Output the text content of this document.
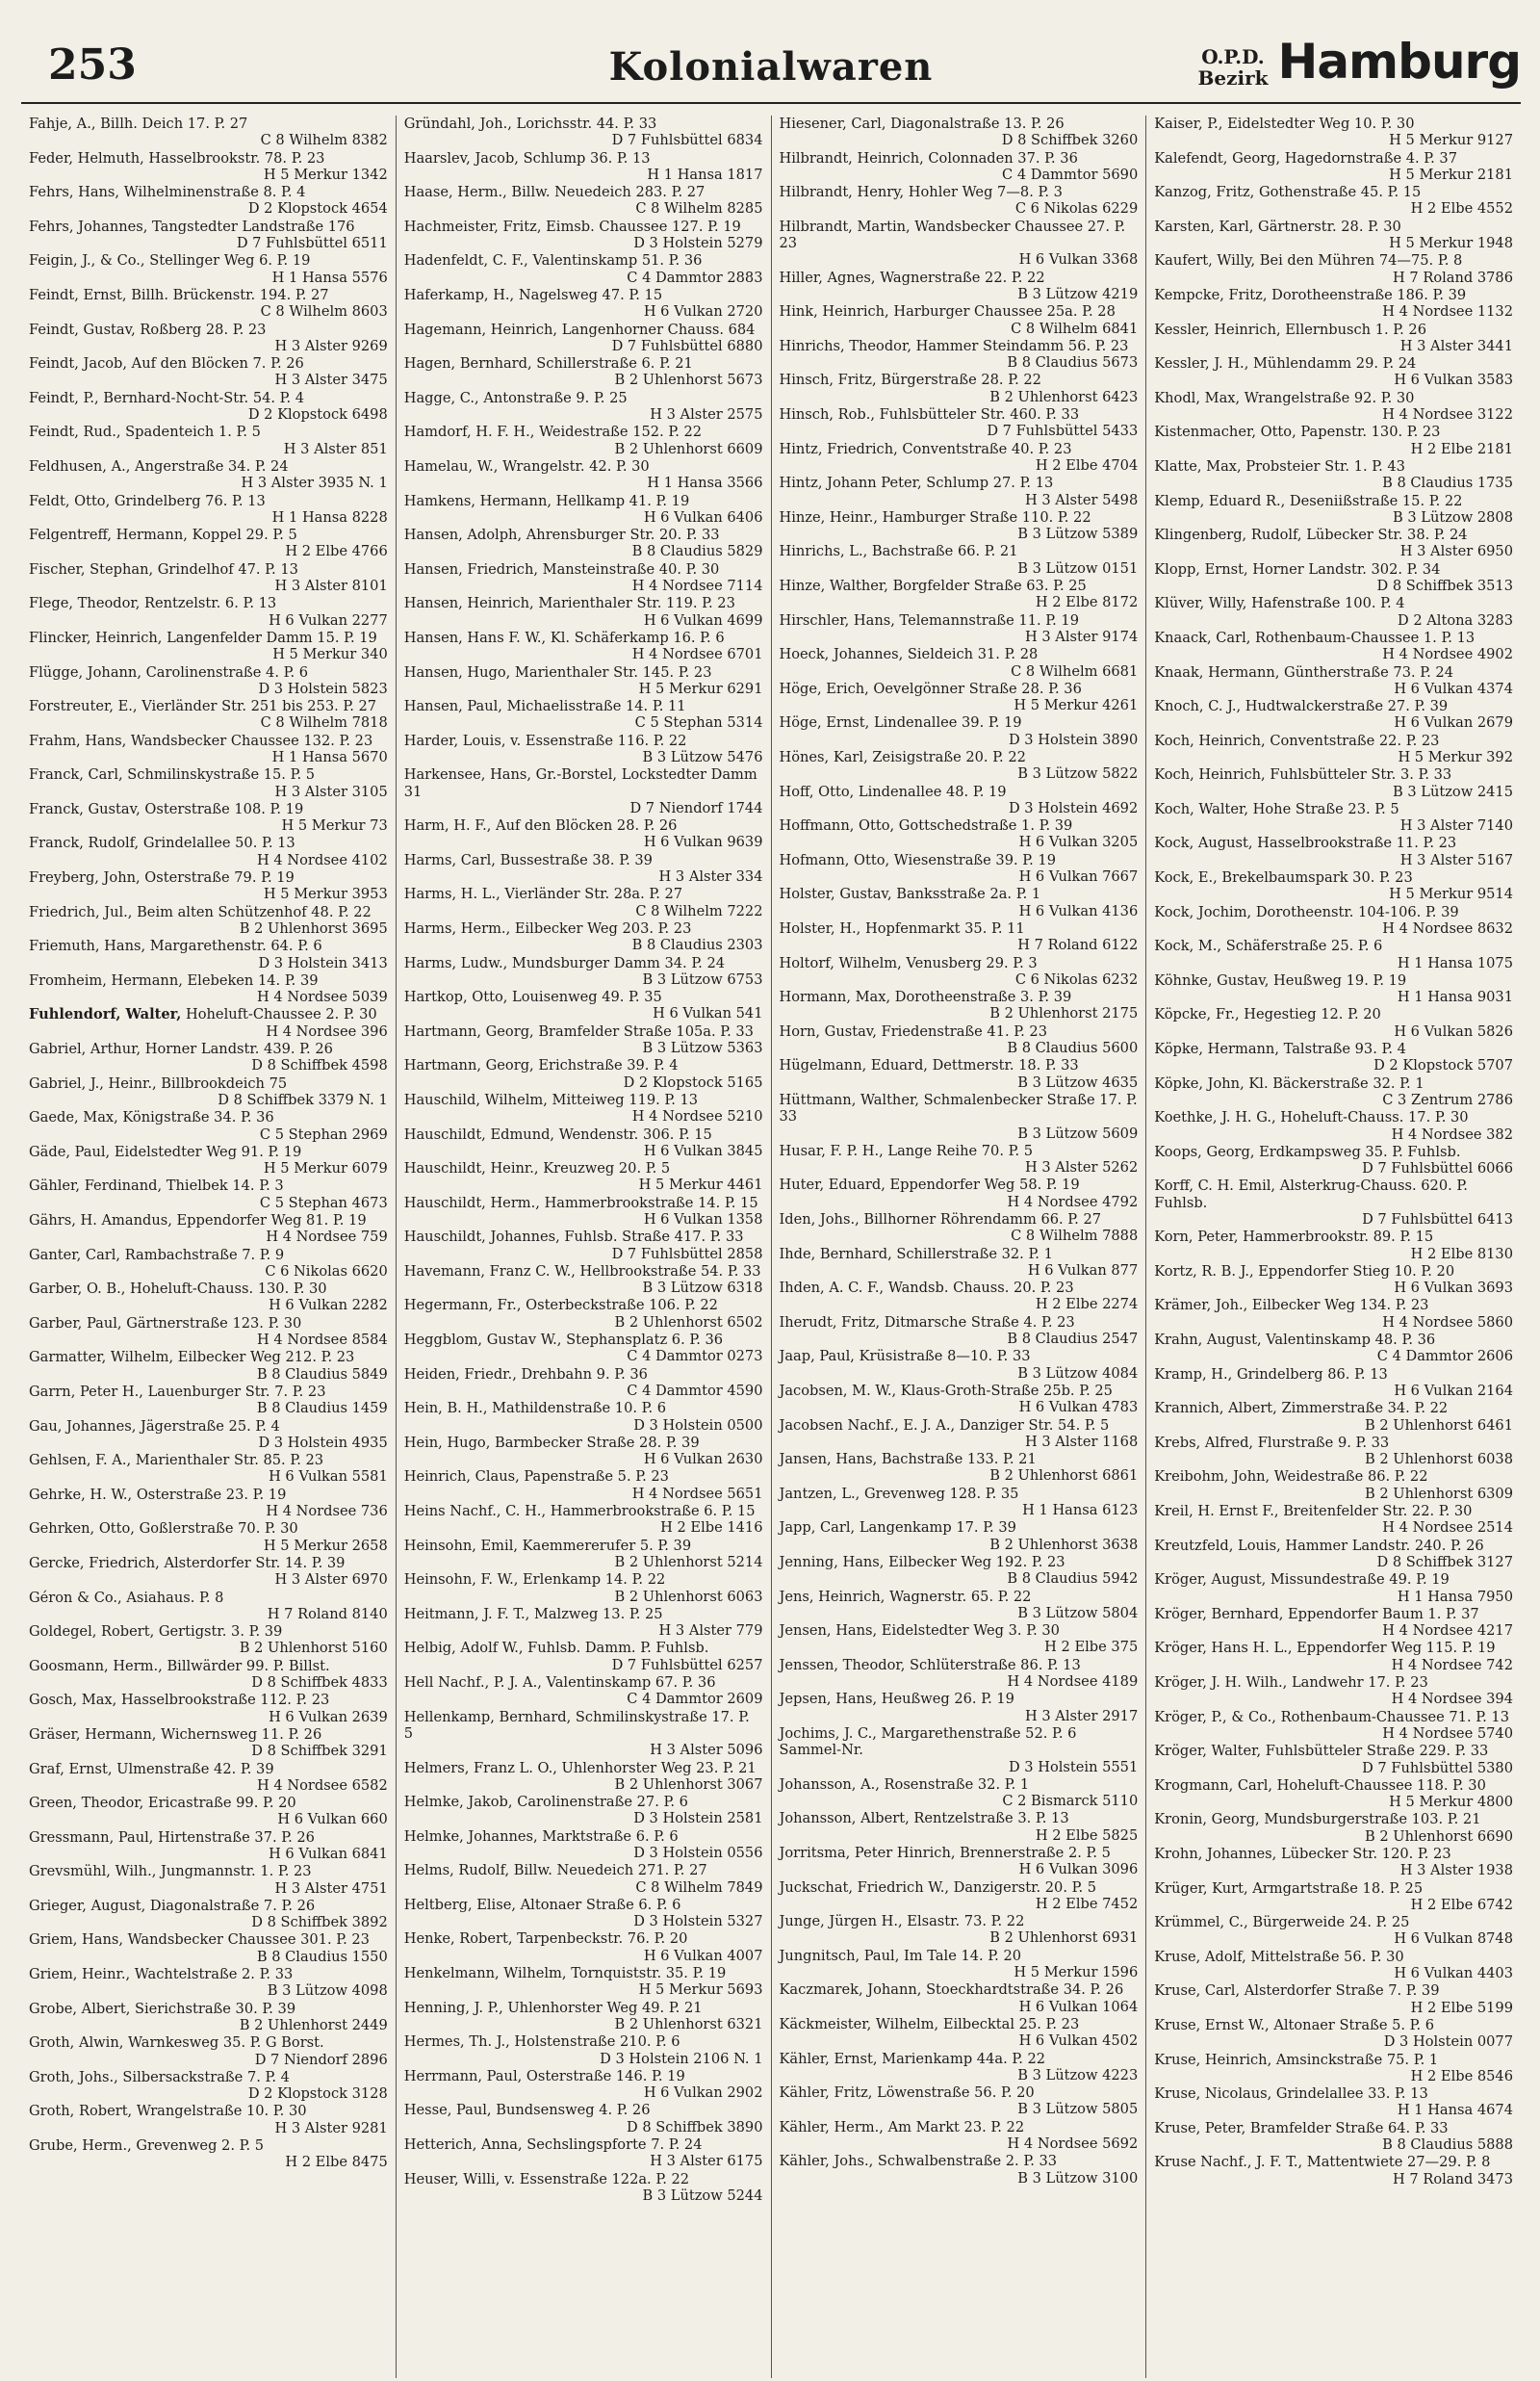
253	Kolonialwaren	O.P.D.
Bezirk Hamburg
Fahje, A., Billh. Deich 17. P. 27
C 8 Wilhelm 8382
Feder, Helmuth, Hasselbrookstr. 78. P. 23
H 5 Merkur 1342
Fehrs, Hans, Wilhelminenstraße 8. P. 4
D 2 Klopstock 4654
Fehrs, Johannes, Tangstedter Landstraße 176
D 7 Fuhlsbüttel 6511
Feigin, J., & Co., Stellinger Weg 6. P. 19
H 1 Hansa 5576
Feindt, Ernst, Billh. Brückenstr. 194. P. 27
C 8 Wilhelm 8603
Feindt, Gustav, Roßberg 28. P. 23
H 3 Alster 9269
Feindt, Jacob, Auf den Blöcken 7. P. 26
H 3 Alster 3475
Feindt, P., Bernhard-Nocht-Str. 54. P. 4
D 2 Klopstock 6498
Feindt, Rud., Spadenteich 1. P. 5
H 3 Alster 851
Feldhusen, A., Angerstraße 34. P. 24
H 3 Alster 3935 N. 1
Feldt, Otto, Grindelberg 76. P. 13
H 1 Hansa 8228
Felgentreff, Hermann, Koppel 29. P. 5
H 2 Elbe 4766
Fischer, Stephan, Grindelhof 47. P. 13
H 3 Alster 8101
Flege, Theodor, Rentzelstr. 6. P. 13
H 6 Vulkan 2277
Flincker, Heinrich, Langenfelder Damm 15. P. 19
H 5 Merkur 340
Flügge, Johann, Carolinenstraße 4. P. 6
D 3 Holstein 5823
Forstreuter, E., Vierländer Str. 251 bis 253. P. 27
C 8 Wilhelm 7818
Frahm, Hans, Wandsbecker Chaussee 132. P. 23
H 1 Hansa 5670
Franck, Carl, Schmilinskystraße 15. P. 5
H 3 Alster 3105
Franck, Gustav, Osterstraße 108. P. 19
H 5 Merkur 73
Franck, Rudolf, Grindelallee 50. P. 13
H 4 Nordsee 4102
Freyberg, John, Osterstraße 79. P. 19
H 5 Merkur 3953
Friedrich, Jul., Beim alten Schützenhof 48. P. 22
B 2 Uhlenhorst 3695
Friemuth, Hans, Margarethenstr. 64. P. 6
D 3 Holstein 3413
Fromheim, Hermann, Elebeken 14. P. 39
H 4 Nordsee 5039
Fuhlendorf, Walter, Hoheluft-Chaussee 2. P. 30
H 4 Nordsee 396
Gabriel, Arthur, Horner Landstr. 439. P. 26
D 8 Schiffbek 4598
Gabriel, J., Heinr., Billbrookdeich 75
D 8 Schiffbek 3379 N. 1
Gaede, Max, Königstraße 34. P. 36
C 5 Stephan 2969
Gäde, Paul, Eidelstedter Weg 91. P. 19
H 5 Merkur 6079
Gähler, Ferdinand, Thielbek 14. P. 3
C 5 Stephan 4673
Gährs, H. Amandus, Eppendorfer Weg 81. P. 19
H 4 Nordsee 759
Ganter, Carl, Rambachstraße 7. P. 9
C 6 Nikolas 6620
Garber, O. B., Hoheluft-Chauss. 130. P. 30
H 6 Vulkan 2282
Garber, Paul, Gärtnerstraße 123. P. 30
H 4 Nordsee 8584
Garmatter, Wilhelm, Eilbecker Weg 212. P. 23
B 8 Claudius 5849
Garrn, Peter H., Lauenburger Str. 7. P. 23
B 8 Claudius 1459
Gau, Johannes, Jägerstraße 25. P. 4
D 3 Holstein 4935
Gehlsen, F. A., Marienthaler Str. 85. P. 23
H 6 Vulkan 5581
Gehrke, H. W., Osterstraße 23. P. 19
H 4 Nordsee 736
Gehrken, Otto, Goßlerstraße 70. P. 30
H 5 Merkur 2658
Gercke, Friedrich, Alsterdorfer Str. 14. P. 39
H 3 Alster 6970
Géron & Co., Asiahaus. P. 8
H 7 Roland 8140
Goldegel, Robert, Gertigstr. 3. P. 39
B 2 Uhlenhorst 5160
Goosmann, Herm., Billwärder 99. P. Billst.
D 8 Schiffbek 4833
Gosch, Max, Hasselbrookstraße 112. P. 23
H 6 Vulkan 2639
Gräser, Hermann, Wichernsweg 11. P. 26
D 8 Schiffbek 3291
Graf, Ernst, Ulmenstraße 42. P. 39
H 4 Nordsee 6582
Green, Theodor, Ericastraße 99. P. 20
H 6 Vulkan 660
Gressmann, Paul, Hirtenstraße 37. P. 26
H 6 Vulkan 6841
Grevsmühl, Wilh., Jungmannstr. 1. P. 23
H 3 Alster 4751
Grieger, August, Diagonalstraße 7. P. 26
D 8 Schiffbek 3892
Griem, Hans, Wandsbecker Chaussee 301. P. 23
B 8 Claudius 1550
Griem, Heinr., Wachtelstraße 2. P. 33
B 3 Lützow 4098
Grobe, Albert, Sierichstraße 30. P. 39
B 2 Uhlenhorst 2449
Groth, Alwin, Warnkesweg 35. P. G Borst.
D 7 Niendorf 2896
Groth, Johs., Silbersackstraße 7. P. 4
D 2 Klopstock 3128
Groth, Robert, Wrangelstraße 10. P. 30
H 3 Alster 9281
Grube, Herm., Grevenweg 2. P. 5
H 2 Elbe 8475
Gründahl, Joh., Lorichsstr. 44. P. 33
D 7 Fuhlsbüttel 6834
Haarslev, Jacob, Schlump 36. P. 13
H 1 Hansa 1817
Haase, Herm., Billw. Neuedeich 283. P. 27
C 8 Wilhelm 8285
Hachmeister, Fritz, Eimsb. Chaussee 127. P. 19
D 3 Holstein 5279
Hadenfeldt, C. F., Valentinskamp 51. P. 36
C 4 Dammtor 2883
Haferkamp, H., Nagelsweg 47. P. 15
H 6 Vulkan 2720
Hagemann, Heinrich, Langenhorner Chauss. 684
D 7 Fuhlsbüttel 6880
Hagen, Bernhard, Schillerstraße 6. P. 21
B 2 Uhlenhorst 5673
Hagge, C., Antonstraße 9. P. 25
H 3 Alster 2575
Hamdorf, H. F. H., Weidestraße 152. P. 22
B 2 Uhlenhorst 6609
Hamelau, W., Wrangelstr. 42. P. 30
H 1 Hansa 3566
Hamkens, Hermann, Hellkamp 41. P. 19
H 6 Vulkan 6406
Hansen, Adolph, Ahrensburger Str. 20. P. 33
B 8 Claudius 5829
Hansen, Friedrich, Mansteinstraße 40. P. 30
H 4 Nordsee 7114
Hansen, Heinrich, Marienthaler Str. 119. P. 23
H 6 Vulkan 4699
Hansen, Hans F. W., Kl. Schäferkamp 16. P. 6
H 4 Nordsee 6701
Hansen, Hugo, Marienthaler Str. 145. P. 23
H 5 Merkur 6291
Hansen, Paul, Michaelisstraße 14. P. 11
C 5 Stephan 5314
Harder, Louis, v. Essenstraße 116. P. 22
B 3 Lützow 5476
Harkensee, Hans, Gr.-Borstel, Lockstedter Damm 31
D 7 Niendorf 1744
Harm, H. F., Auf den Blöcken 28. P. 26
H 6 Vulkan 9639
Harms, Carl, Bussestraße 38. P. 39
H 3 Alster 334
Harms, H. L., Vierländer Str. 28a. P. 27
C 8 Wilhelm 7222
Harms, Herm., Eilbecker Weg 203. P. 23
B 8 Claudius 2303
Harms, Ludw., Mundsburger Damm 34. P. 24
B 3 Lützow 6753
Hartkop, Otto, Louisenweg 49. P. 35
H 6 Vulkan 541
Hartmann, Georg, Bramfelder Straße 105a. P. 33
B 3 Lützow 5363
Hartmann, Georg, Erichstraße 39. P. 4
D 2 Klopstock 5165
Hauschild, Wilhelm, Mitteiweg 119. P. 13
H 4 Nordsee 5210
Hauschildt, Edmund, Wendenstr. 306. P. 15
H 6 Vulkan 3845
Hauschildt, Heinr., Kreuzweg 20. P. 5
H 5 Merkur 4461
Hauschildt, Herm., Hammerbrookstraße 14. P. 15
H 6 Vulkan 1358
Hauschildt, Johannes, Fuhlsb. Straße 417. P. 33
D 7 Fuhlsbüttel 2858
Havemann, Franz C. W., Hellbrookstraße 54. P. 33
B 3 Lützow 6318
Hegermann, Fr., Osterbeckstraße 106. P. 22
B 2 Uhlenhorst 6502
Heggblom, Gustav W., Stephansplatz 6. P. 36
C 4 Dammtor 0273
Heiden, Friedr., Drehbahn 9. P. 36
C 4 Dammtor 4590
Hein, B. H., Mathildenstraße 10. P. 6
D 3 Holstein 0500
Hein, Hugo, Barmbecker Straße 28. P. 39
H 6 Vulkan 2630
Heinrich, Claus, Papenstraße 5. P. 23
H 4 Nordsee 5651
Heins Nachf., C. H., Hammerbrookstraße 6. P. 15
H 2 Elbe 1416
Heinsohn, Emil, Kaemmererufer 5. P. 39
B 2 Uhlenhorst 5214
Heinsohn, F. W., Erlenkamp 14. P. 22
B 2 Uhlenhorst 6063
Heitmann, J. F. T., Malzweg 13. P. 25
H 3 Alster 779
Helbig, Adolf W., Fuhlsb. Damm. P. Fuhlsb.
D 7 Fuhlsbüttel 6257
Hell Nachf., P. J. A., Valentinskamp 67. P. 36
C 4 Dammtor 2609
Hellenkamp, Bernhard, Schmilinskystraße 17. P. 5
H 3 Alster 5096
Helmers, Franz L. O., Uhlenhorster Weg 23. P. 21
B 2 Uhlenhorst 3067
Helmke, Jakob, Carolinenstraße 27. P. 6
D 3 Holstein 2581
Helmke, Johannes, Marktstraße 6. P. 6
D 3 Holstein 0556
Helms, Rudolf, Billw. Neuedeich 271. P. 27
C 8 Wilhelm 7849
Heltberg, Elise, Altonaer Straße 6. P. 6
D 3 Holstein 5327
Henke, Robert, Tarpenbeckstr. 76. P. 20
H 6 Vulkan 4007
Henkelmann, Wilhelm, Tornquiststr. 35. P. 19
H 5 Merkur 5693
Henning, J. P., Uhlenhorster Weg 49. P. 21
B 2 Uhlenhorst 6321
Hermes, Th. J., Holstenstraße 210. P. 6
D 3 Holstein 2106 N. 1
Herrmann, Paul, Osterstraße 146. P. 19
H 6 Vulkan 2902
Hesse, Paul, Bundsensweg 4. P. 26
D 8 Schiffbek 3890
Hetterich, Anna, Sechslingspforte 7. P. 24
H 3 Alster 6175
Heuser, Willi, v. Essenstraße 122a. P. 22
B 3 Lützow 5244
Hiesener, Carl, Diagonalstraße 13. P. 26
D 8 Schiffbek 3260
Hilbrandt, Heinrich, Colonnaden 37. P. 36
C 4 Dammtor 5690
Hilbrandt, Henry, Hohler Weg 7—8. P. 3
C 6 Nikolas 6229
Hilbrandt, Martin, Wandsbecker Chaussee 27. P. 23
H 6 Vulkan 3368
Hiller, Agnes, Wagnerstraße 22. P. 22
B 3 Lützow 4219
Hink, Heinrich, Harburger Chaussee 25a. P. 28
C 8 Wilhelm 6841
Hinrichs, Theodor, Hammer Steindamm 56. P. 23
B 8 Claudius 5673
Hinsch, Fritz, Bürgerstraße 28. P. 22
B 2 Uhlenhorst 6423
Hinsch, Rob., Fuhlsbütteler Str. 460. P. 33
D 7 Fuhlsbüttel 5433
Hintz, Friedrich, Conventstraße 40. P. 23
H 2 Elbe 4704
Hintz, Johann Peter, Schlump 27. P. 13
H 3 Alster 5498
Hinze, Heinr., Hamburger Straße 110. P. 22
B 3 Lützow 5389
Hinrichs, L., Bachstraße 66. P. 21
B 3 Lützow 0151
Hinze, Walther, Borgfelder Straße 63. P. 25
H 2 Elbe 8172
Hirschler, Hans, Telemannstraße 11. P. 19
H 3 Alster 9174
Hoeck, Johannes, Sieldeich 31. P. 28
C 8 Wilhelm 6681
Höge, Erich, Oevelgönner Straße 28. P. 36
H 5 Merkur 4261
Höge, Ernst, Lindenallee 39. P. 19
D 3 Holstein 3890
Hönes, Karl, Zeisigstraße 20. P. 22
B 3 Lützow 5822
Hoff, Otto, Lindenallee 48. P. 19
D 3 Holstein 4692
Hoffmann, Otto, Gottschedstraße 1. P. 39
H 6 Vulkan 3205
Hofmann, Otto, Wiesenstraße 39. P. 19
H 6 Vulkan 7667
Holster, Gustav, Banksstraße 2a. P. 1
H 6 Vulkan 4136
Holster, H., Hopfenmarkt 35. P. 11
H 7 Roland 6122
Holtorf, Wilhelm, Venusberg 29. P. 3
C 6 Nikolas 6232
Hormann, Max, Dorotheenstraße 3. P. 39
B 2 Uhlenhorst 2175
Horn, Gustav, Friedenstraße 41. P. 23
B 8 Claudius 5600
Hügelmann, Eduard, Dettmerstr. 18. P. 33
B 3 Lützow 4635
Hüttmann, Walther, Schmalenbecker Straße 17. P. 33
B 3 Lützow 5609
Husar, F. P. H., Lange Reihe 70. P. 5
H 3 Alster 5262
Huter, Eduard, Eppendorfer Weg 58. P. 19
H 4 Nordsee 4792
Iden, Johs., Billhorner Röhrendamm 66. P. 27
C 8 Wilhelm 7888
Ihde, Bernhard, Schillerstraße 32. P. 1
H 6 Vulkan 877
Ihden, A. C. F., Wandsb. Chauss. 20. P. 23
H 2 Elbe 2274
Iherudt, Fritz, Ditmarsche Straße 4. P. 23
B 8 Claudius 2547
Jaap, Paul, Krüsistraße 8—10. P. 33
B 3 Lützow 4084
Jacobsen, M. W., Klaus-Groth-Straße 25b. P. 25
H 6 Vulkan 4783
Jacobsen Nachf., E. J. A., Danziger Str. 54. P. 5
H 3 Alster 1168
Jansen, Hans, Bachstraße 133. P. 21
B 2 Uhlenhorst 6861
Jantzen, L., Grevenweg 128. P. 35
H 1 Hansa 6123
Japp, Carl, Langenkamp 17. P. 39
B 2 Uhlenhorst 3638
Jenning, Hans, Eilbecker Weg 192. P. 23
B 8 Claudius 5942
Jens, Heinrich, Wagnerstr. 65. P. 22
B 3 Lützow 5804
Jensen, Hans, Eidelstedter Weg 3. P. 30
H 2 Elbe 375
Jenssen, Theodor, Schlüterstraße 86. P. 13
H 4 Nordsee 4189
Jepsen, Hans, Heußweg 26. P. 19
H 3 Alster 2917
Jochims, J. C., Margarethenstraße 52. P. 6 Sammel-Nr.
D 3 Holstein 5551
Johansson, A., Rosenstraße 32. P. 1
C 2 Bismarck 5110
Johansson, Albert, Rentzelstraße 3. P. 13
H 2 Elbe 5825
Jorritsma, Peter Hinrich, Brennerstraße 2. P. 5
H 6 Vulkan 3096
Juckschat, Friedrich W., Danzigerstr. 20. P. 5
H 2 Elbe 7452
Junge, Jürgen H., Elsastr. 73. P. 22
B 2 Uhlenhorst 6931
Jungnitsch, Paul, Im Tale 14. P. 20
H 5 Merkur 1596
Kaczmarek, Johann, Stoeckhardtstraße 34. P. 26
H 6 Vulkan 1064
Käckmeister, Wilhelm, Eilbecktal 25. P. 23
H 6 Vulkan 4502
Kähler, Ernst, Marienkamp 44a. P. 22
B 3 Lützow 4223
Kähler, Fritz, Löwenstraße 56. P. 20
B 3 Lützow 5805
Kähler, Herm., Am Markt 23. P. 22
H 4 Nordsee 5692
Kähler, Johs., Schwalbenstraße 2. P. 33
B 3 Lützow 3100
Kaiser, P., Eidelstedter Weg 10. P. 30
H 5 Merkur 9127
Kalefendt, Georg, Hagedornstraße 4. P. 37
H 5 Merkur 2181
Kanzog, Fritz, Gothenstraße 45. P. 15
H 2 Elbe 4552
Karsten, Karl, Gärtnerstr. 28. P. 30
H 5 Merkur 1948
Kaufert, Willy, Bei den Mühren 74—75. P. 8
H 7 Roland 3786
Kempcke, Fritz, Dorotheenstraße 186. P. 39
H 4 Nordsee 1132
Kessler, Heinrich, Ellernbusch 1. P. 26
H 3 Alster 3441
Kessler, J. H., Mühlendamm 29. P. 24
H 6 Vulkan 3583
Khodl, Max, Wrangelstraße 92. P. 30
H 4 Nordsee 3122
Kistenmacher, Otto, Papenstr. 130. P. 23
H 2 Elbe 2181
Klatte, Max, Probsteier Str. 1. P. 43
B 8 Claudius 1735
Klemp, Eduard R., Deseniißstraße 15. P. 22
B 3 Lützow 2808
Klingenberg, Rudolf, Lübecker Str. 38. P. 24
H 3 Alster 6950
Klopp, Ernst, Horner Landstr. 302. P. 34
D 8 Schiffbek 3513
Klüver, Willy, Hafenstraße 100. P. 4
D 2 Altona 3283
Knaack, Carl, Rothenbaum-Chaussee 1. P. 13
H 4 Nordsee 4902
Knaak, Hermann, Güntherstraße 73. P. 24
H 6 Vulkan 4374
Knoch, C. J., Hudtwalckerstraße 27. P. 39
H 6 Vulkan 2679
Koch, Heinrich, Conventstraße 22. P. 23
H 5 Merkur 392
Koch, Heinrich, Fuhlsbütteler Str. 3. P. 33
B 3 Lützow 2415
Koch, Walter, Hohe Straße 23. P. 5
H 3 Alster 7140
Kock, August, Hasselbrookstraße 11. P. 23
H 3 Alster 5167
Kock, E., Brekelbaumspark 30. P. 23
H 5 Merkur 9514
Kock, Jochim, Dorotheenstr. 104-106. P. 39
H 4 Nordsee 8632
Kock, M., Schäferstraße 25. P. 6
H 1 Hansa 1075
Köhnke, Gustav, Heußweg 19. P. 19
H 1 Hansa 9031
Köpcke, Fr., Hegestieg 12. P. 20
H 6 Vulkan 5826
Köpke, Hermann, Talstraße 93. P. 4
D 2 Klopstock 5707
Köpke, John, Kl. Bäckerstraße 32. P. 1
C 3 Zentrum 2786
Koethke, J. H. G., Hoheluft-Chauss. 17. P. 30
H 4 Nordsee 382
Koops, Georg, Erdkampsweg 35. P. Fuhlsb.
D 7 Fuhlsbüttel 6066
Korff, C. H. Emil, Alsterkrug-Chauss. 620. P. Fuhlsb.
D 7 Fuhlsbüttel 6413
Korn, Peter, Hammerbrookstr. 89. P. 15
H 2 Elbe 8130
Kortz, R. B. J., Eppendorfer Stieg 10. P. 20
H 6 Vulkan 3693
Krämer, Joh., Eilbecker Weg 134. P. 23
H 4 Nordsee 5860
Krahn, August, Valentinskamp 48. P. 36
C 4 Dammtor 2606
Kramp, H., Grindelberg 86. P. 13
H 6 Vulkan 2164
Krannich, Albert, Zimmerstraße 34. P. 22
B 2 Uhlenhorst 6461
Krebs, Alfred, Flurstraße 9. P. 33
B 2 Uhlenhorst 6038
Kreibohm, John, Weidestraße 86. P. 22
B 2 Uhlenhorst 6309
Kreil, H. Ernst F., Breitenfelder Str. 22. P. 30
H 4 Nordsee 2514
Kreutzfeld, Louis, Hammer Landstr. 240. P. 26
D 8 Schiffbek 3127
Kröger, August, Missundestraße 49. P. 19
H 1 Hansa 7950
Kröger, Bernhard, Eppendorfer Baum 1. P. 37
H 4 Nordsee 4217
Kröger, Hans H. L., Eppendorfer Weg 115. P. 19
H 4 Nordsee 742
Kröger, J. H. Wilh., Landwehr 17. P. 23
H 4 Nordsee 394
Kröger, P., & Co., Rothenbaum-Chaussee 71. P. 13
H 4 Nordsee 5740
Kröger, Walter, Fuhlsbütteler Straße 229. P. 33
D 7 Fuhlsbüttel 5380
Krogmann, Carl, Hoheluft-Chaussee 118. P. 30
H 5 Merkur 4800
Kronin, Georg, Mundsburgerstraße 103. P. 21
B 2 Uhlenhorst 6690
Krohn, Johannes, Lübecker Str. 120. P. 23
H 3 Alster 1938
Krüger, Kurt, Armgartstraße 18. P. 25
H 2 Elbe 6742
Krümmel, C., Bürgerweide 24. P. 25
H 6 Vulkan 8748
Kruse, Adolf, Mittelstraße 56. P. 30
H 6 Vulkan 4403
Kruse, Carl, Alsterdorfer Straße 7. P. 39
H 2 Elbe 5199
Kruse, Ernst W., Altonaer Straße 5. P. 6
D 3 Holstein 0077
Kruse, Heinrich, Amsinckstraße 75. P. 1
H 2 Elbe 8546
Kruse, Nicolaus, Grindelallee 33. P. 13
H 1 Hansa 4674
Kruse, Peter, Bramfelder Straße 64. P. 33
B 8 Claudius 5888
Kruse Nachf., J. F. T., Mattentwiete 27—29. P. 8
H 7 Roland 3473
